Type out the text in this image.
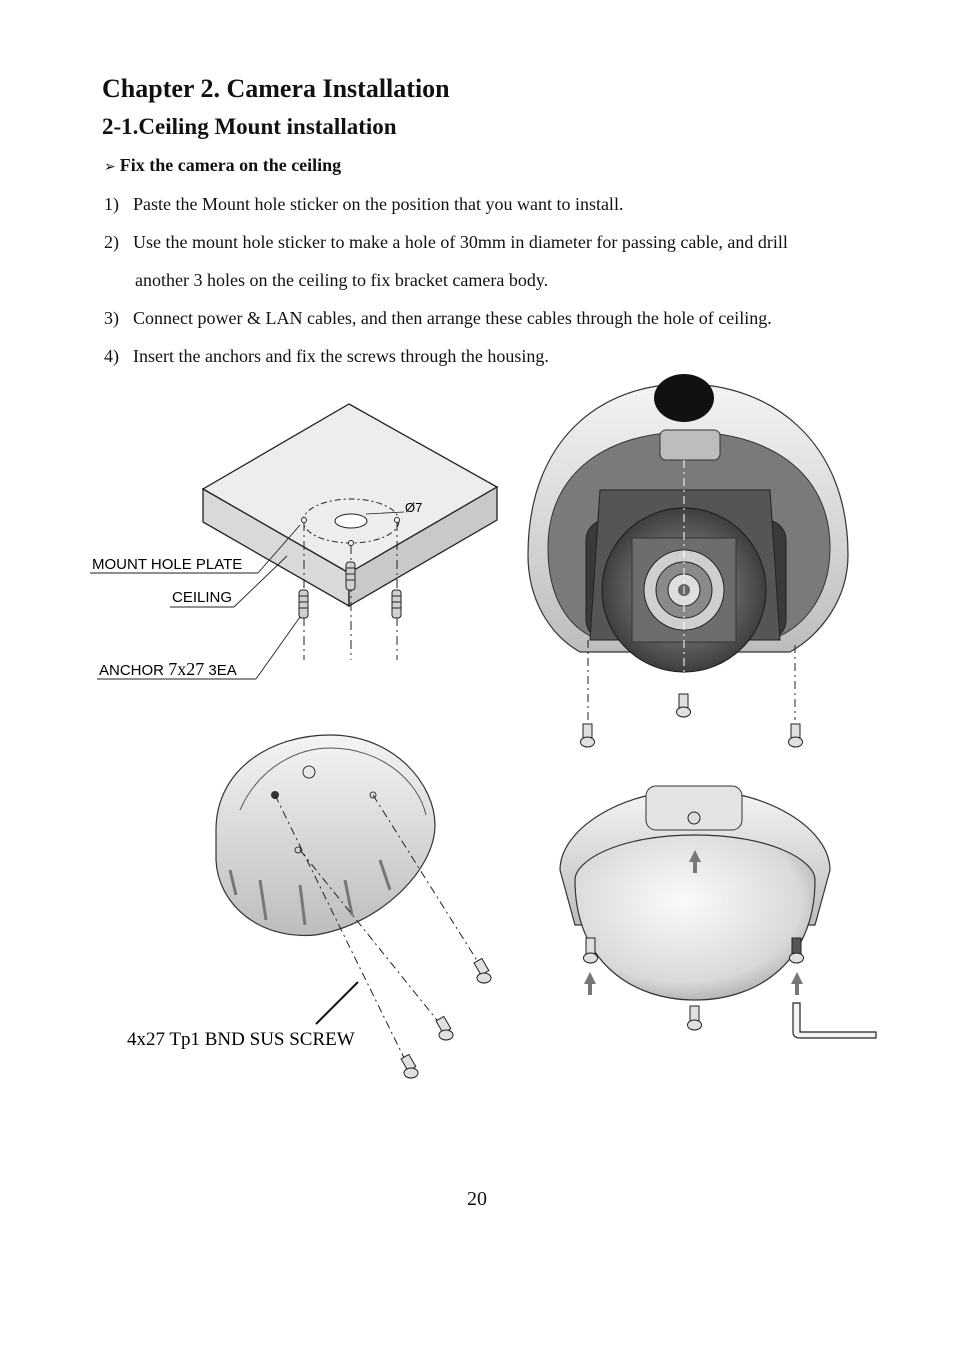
Chapter 2. Camera Installation
2-1.Ceiling Mount installation
➢ Fix the camera on the ceiling
1) Paste the Mount hole sticker on the position that you want to install.
2) Use the mount hole sticker to make a hole of 30mm in diameter for passing cable, and drill
another 3 holes on the ceiling to fix bracket camera body.
3) Connect power & LAN cables, and then arrange these cables through the hole of ceiling.
4) Insert the anchors and fix the screws through the housing.
Ø7
MOUNT HOLE PLATE
CEILING
ANCHOR 7x27 3EA
4x27 Tp1 BND SUS SCREW
20
